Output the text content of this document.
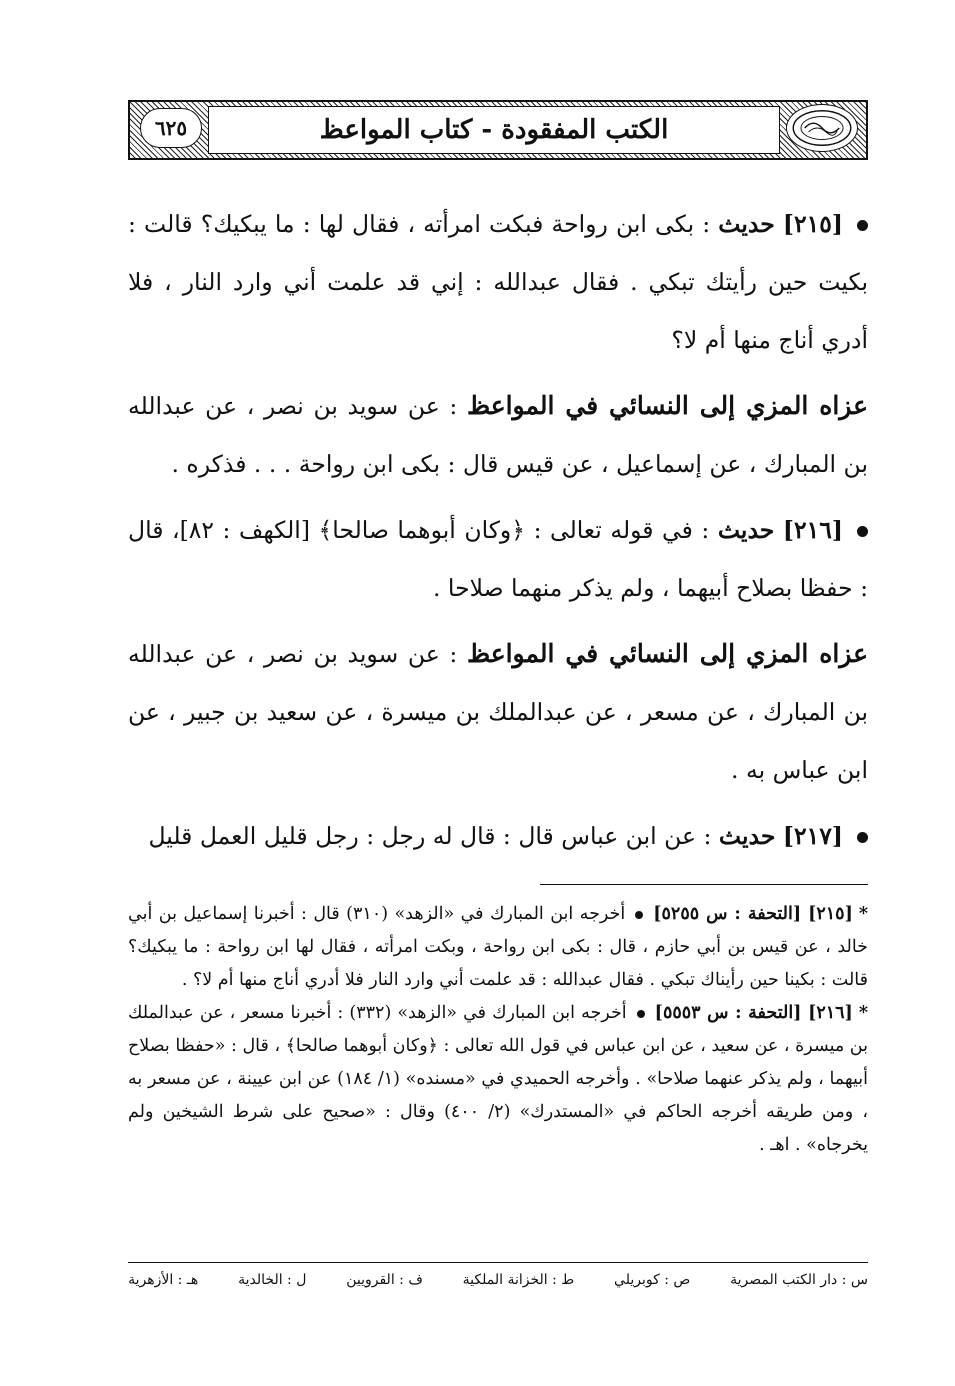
٦٢٥	الكتب المفقودة - كتاب المواعظ

[٢١٥] حديث : بكى ابن رواحة فبكت امرأته ، فقال لها : ما يبكيك؟ قالت : بكيت حين رأيتك تبكي . فقال عبدالله : إني قد علمت أني وارد النار ، فلا أدري أناج منها أم لا؟

عزاه المزي إلى النسائي في المواعظ : عن سويد بن نصر ، عن عبدالله بن المبارك ، عن إسماعيل ، عن قيس قال : بكى ابن رواحة . . . فذكره .

[٢١٦] حديث : في قوله تعالى : ﴿وكان أبوهما صالحا﴾ [الكهف : ٨٢]، قال : حفظا بصلاح أبيهما ، ولم يذكر منهما صلاحا .

عزاه المزي إلى النسائي في المواعظ : عن سويد بن نصر ، عن عبدالله بن المبارك ، عن مسعر ، عن عبدالملك بن ميسرة ، عن سعيد بن جبير ، عن ابن عباس به .

[٢١٧] حديث : عن ابن عباس قال : قال له رجل : رجل قليل العمل قليل

*[٢١٥] [التحفة : س ٥٢٥٥]أخرجه ابن المبارك في «الزهد» (٣١٠) قال : أخبرنا إسماعيل بن أبي خالد ، عن قيس بن أبي حازم ، قال : بكى ابن رواحة ، وبكت امرأته ، فقال لها ابن رواحة : ما يبكيك؟ قالت : بكينا حين رأيناك تبكي . فقال عبدالله : قد علمت أني وارد النار فلا أدري أناج منها أم لا؟ .

*[٢١٦] [التحفة : س ٥٥٥٣]أخرجه ابن المبارك في «الزهد» (٣٣٢) : أخبرنا مسعر ، عن عبدالملك بن ميسرة ، عن سعيد ، عن ابن عباس في قول الله تعالى : ﴿وكان أبوهما صالحا﴾ ، قال : «حفظا بصلاح أبيهما ، ولم يذكر عنهما صلاحا» . وأخرجه الحميدي في «مسنده» (١/ ١٨٤) عن ابن عيينة ، عن مسعر به ، ومن طريقه أخرجه الحاكم في «المستدرك» (٢/ ٤٠٠) وقال : «صحيح على شرط الشيخين ولم يخرجاه» . اهـ .

س : دار الكتب المصرية
ص : كوبريلي
ط : الخزانة الملكية
ف : القرويين
ل : الخالدية
هـ : الأزهرية
